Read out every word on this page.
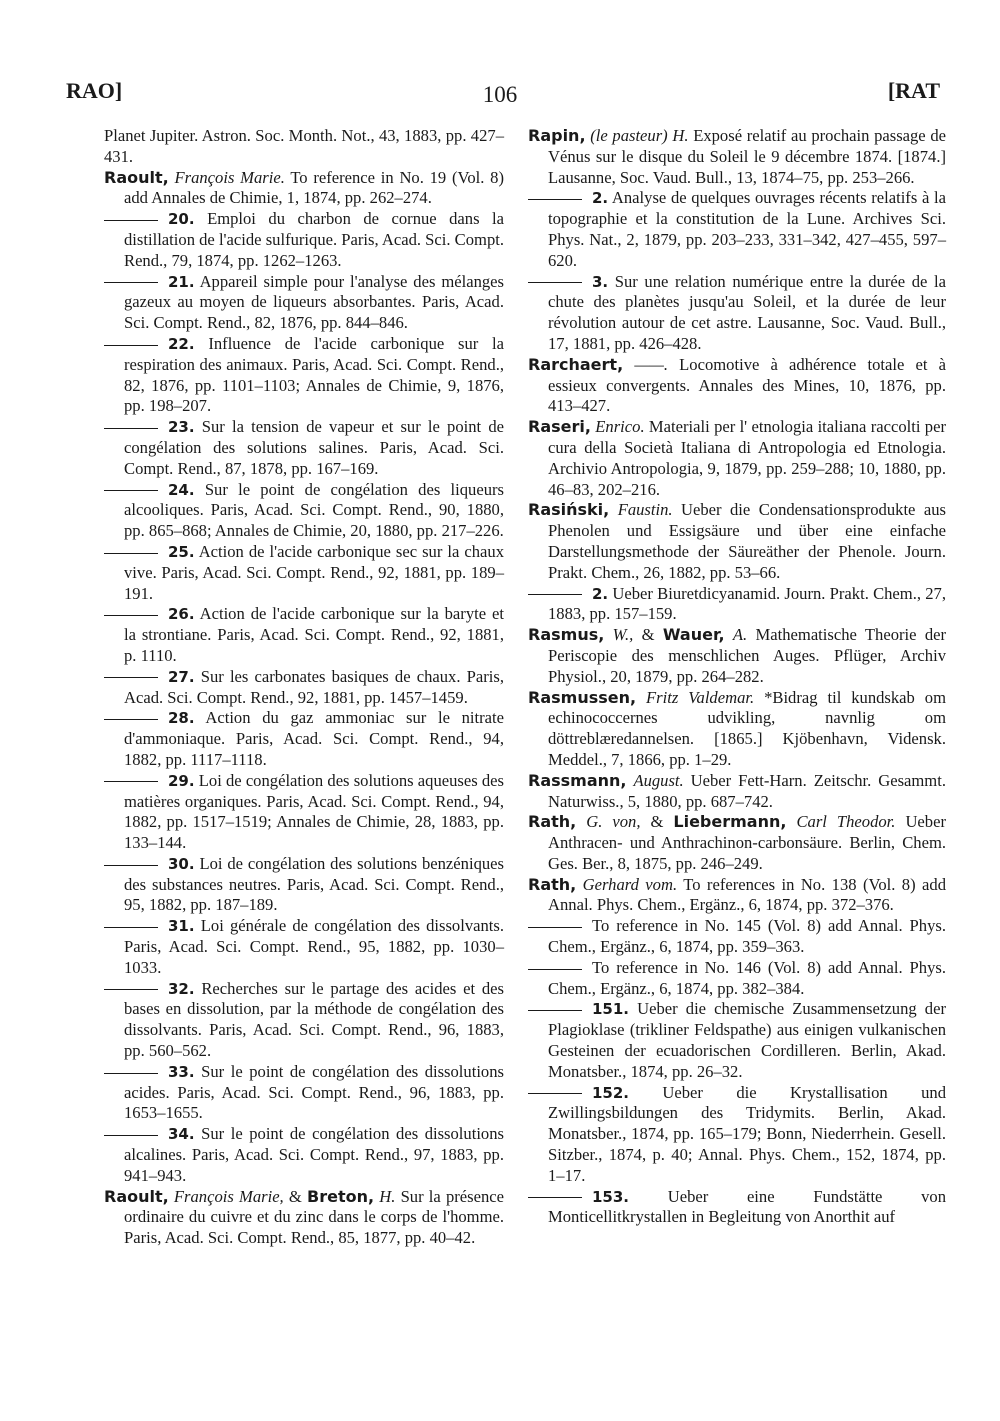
RAO]	106	[RAT

Planet Jupiter. Astron. Soc. Month. Not., 43, 1883, pp. 427–431.

Raoult, François Marie. To reference in No. 19 (Vol. 8) add Annales de Chimie, 1, 1874, pp. 262–274.

20. Emploi du charbon de cornue dans la distillation de l'acide sulfurique. Paris, Acad. Sci. Compt. Rend., 79, 1874, pp. 1262–1263.

21. Appareil simple pour l'analyse des mélanges gazeux au moyen de liqueurs absorbantes. Paris, Acad. Sci. Compt. Rend., 82, 1876, pp. 844–846.

22. Influence de l'acide carbonique sur la respiration des animaux. Paris, Acad. Sci. Compt. Rend., 82, 1876, pp. 1101–1103; Annales de Chimie, 9, 1876, pp. 198–207.

23. Sur la tension de vapeur et sur le point de congélation des solutions salines. Paris, Acad. Sci. Compt. Rend., 87, 1878, pp. 167–169.

24. Sur le point de congélation des liqueurs alcooliques. Paris, Acad. Sci. Compt. Rend., 90, 1880, pp. 865–868; Annales de Chimie, 20, 1880, pp. 217–226.

25. Action de l'acide carbonique sec sur la chaux vive. Paris, Acad. Sci. Compt. Rend., 92, 1881, pp. 189–191.

26. Action de l'acide carbonique sur la baryte et la strontiane. Paris, Acad. Sci. Compt. Rend., 92, 1881, p. 1110.

27. Sur les carbonates basiques de chaux. Paris, Acad. Sci. Compt. Rend., 92, 1881, pp. 1457–1459.

28. Action du gaz ammoniac sur le nitrate d'ammoniaque. Paris, Acad. Sci. Compt. Rend., 94, 1882, pp. 1117–1118.

29. Loi de congélation des solutions aqueuses des matières organiques. Paris, Acad. Sci. Compt. Rend., 94, 1882, pp. 1517–1519; Annales de Chimie, 28, 1883, pp. 133–144.

30. Loi de congélation des solutions benzéniques des substances neutres. Paris, Acad. Sci. Compt. Rend., 95, 1882, pp. 187–189.

31. Loi générale de congélation des dissolvants. Paris, Acad. Sci. Compt. Rend., 95, 1882, pp. 1030–1033.

32. Recherches sur le partage des acides et des bases en dissolution, par la méthode de congélation des dissolvants. Paris, Acad. Sci. Compt. Rend., 96, 1883, pp. 560–562.

33. Sur le point de congélation des dissolutions acides. Paris, Acad. Sci. Compt. Rend., 96, 1883, pp. 1653–1655.

34. Sur le point de congélation des dissolutions alcalines. Paris, Acad. Sci. Compt. Rend., 97, 1883, pp. 941–943.

Raoult, François Marie, & Breton, H. Sur la présence ordinaire du cuivre et du zinc dans le corps de l'homme. Paris, Acad. Sci. Compt. Rend., 85, 1877, pp. 40–42.

Rapin, (le pasteur) H. Exposé relatif au prochain passage de Vénus sur le disque du Soleil le 9 décembre 1874. [1874.] Lausanne, Soc. Vaud. Bull., 13, 1874–75, pp. 253–266.

2. Analyse de quelques ouvrages récents relatifs à la topographie et la constitution de la Lune. Archives Sci. Phys. Nat., 2, 1879, pp. 203–233, 331–342, 427–455, 597–620.

3. Sur une relation numérique entre la durée de la chute des planètes jusqu'au Soleil, et la durée de leur révolution autour de cet astre. Lausanne, Soc. Vaud. Bull., 17, 1881, pp. 426–428.

Rarchaert, ——. Locomotive à adhérence totale et à essieux convergents. Annales des Mines, 10, 1876, pp. 413–427.

Raseri, Enrico. Materiali per l' etnologia italiana raccolti per cura della Società Italiana di Antropologia ed Etnologia. Archivio Antropologia, 9, 1879, pp. 259–288; 10, 1880, pp. 46–83, 202–216.

Rasiński, Faustin. Ueber die Condensationsprodukte aus Phenolen und Essigsäure und über eine einfache Darstellungsmethode der Säureäther der Phenole. Journ. Prakt. Chem., 26, 1882, pp. 53–66.

2. Ueber Biuretdicyanamid. Journ. Prakt. Chem., 27, 1883, pp. 157–159.

Rasmus, W., & Wauer, A. Mathematische Theorie der Periscopie des menschlichen Auges. Pflüger, Archiv Physiol., 20, 1879, pp. 264–282.

Rasmussen, Fritz Valdemar. *Bidrag til kundskab om echinococcernes udvikling, navnlig om döttreblæredannelsen. [1865.] Kjöbenhavn, Vidensk. Meddel., 7, 1866, pp. 1–29.

Rassmann, August. Ueber Fett-Harn. Zeitschr. Gesammt. Naturwiss., 5, 1880, pp. 687–742.

Rath, G. von, & Liebermann, Carl Theodor. Ueber Anthracen- und Anthrachinon-carbonsäure. Berlin, Chem. Ges. Ber., 8, 1875, pp. 246–249.

Rath, Gerhard vom. To references in No. 138 (Vol. 8) add Annal. Phys. Chem., Ergänz., 6, 1874, pp. 372–376.

To reference in No. 145 (Vol. 8) add Annal. Phys. Chem., Ergänz., 6, 1874, pp. 359–363.

To reference in No. 146 (Vol. 8) add Annal. Phys. Chem., Ergänz., 6, 1874, pp. 382–384.

151. Ueber die chemische Zusammensetzung der Plagioklase (trikliner Feldspathe) aus einigen vulkanischen Gesteinen der ecuadorischen Cordilleren. Berlin, Akad. Monatsber., 1874, pp. 26–32.

152. Ueber die Krystallisation und Zwillingsbildungen des Tridymits. Berlin, Akad. Monatsber., 1874, pp. 165–179; Bonn, Niederrhein. Gesell. Sitzber., 1874, p. 40; Annal. Phys. Chem., 152, 1874, pp. 1–17.

153. Ueber eine Fundstätte von Monticellitkrystallen in Begleitung von Anorthit auf
